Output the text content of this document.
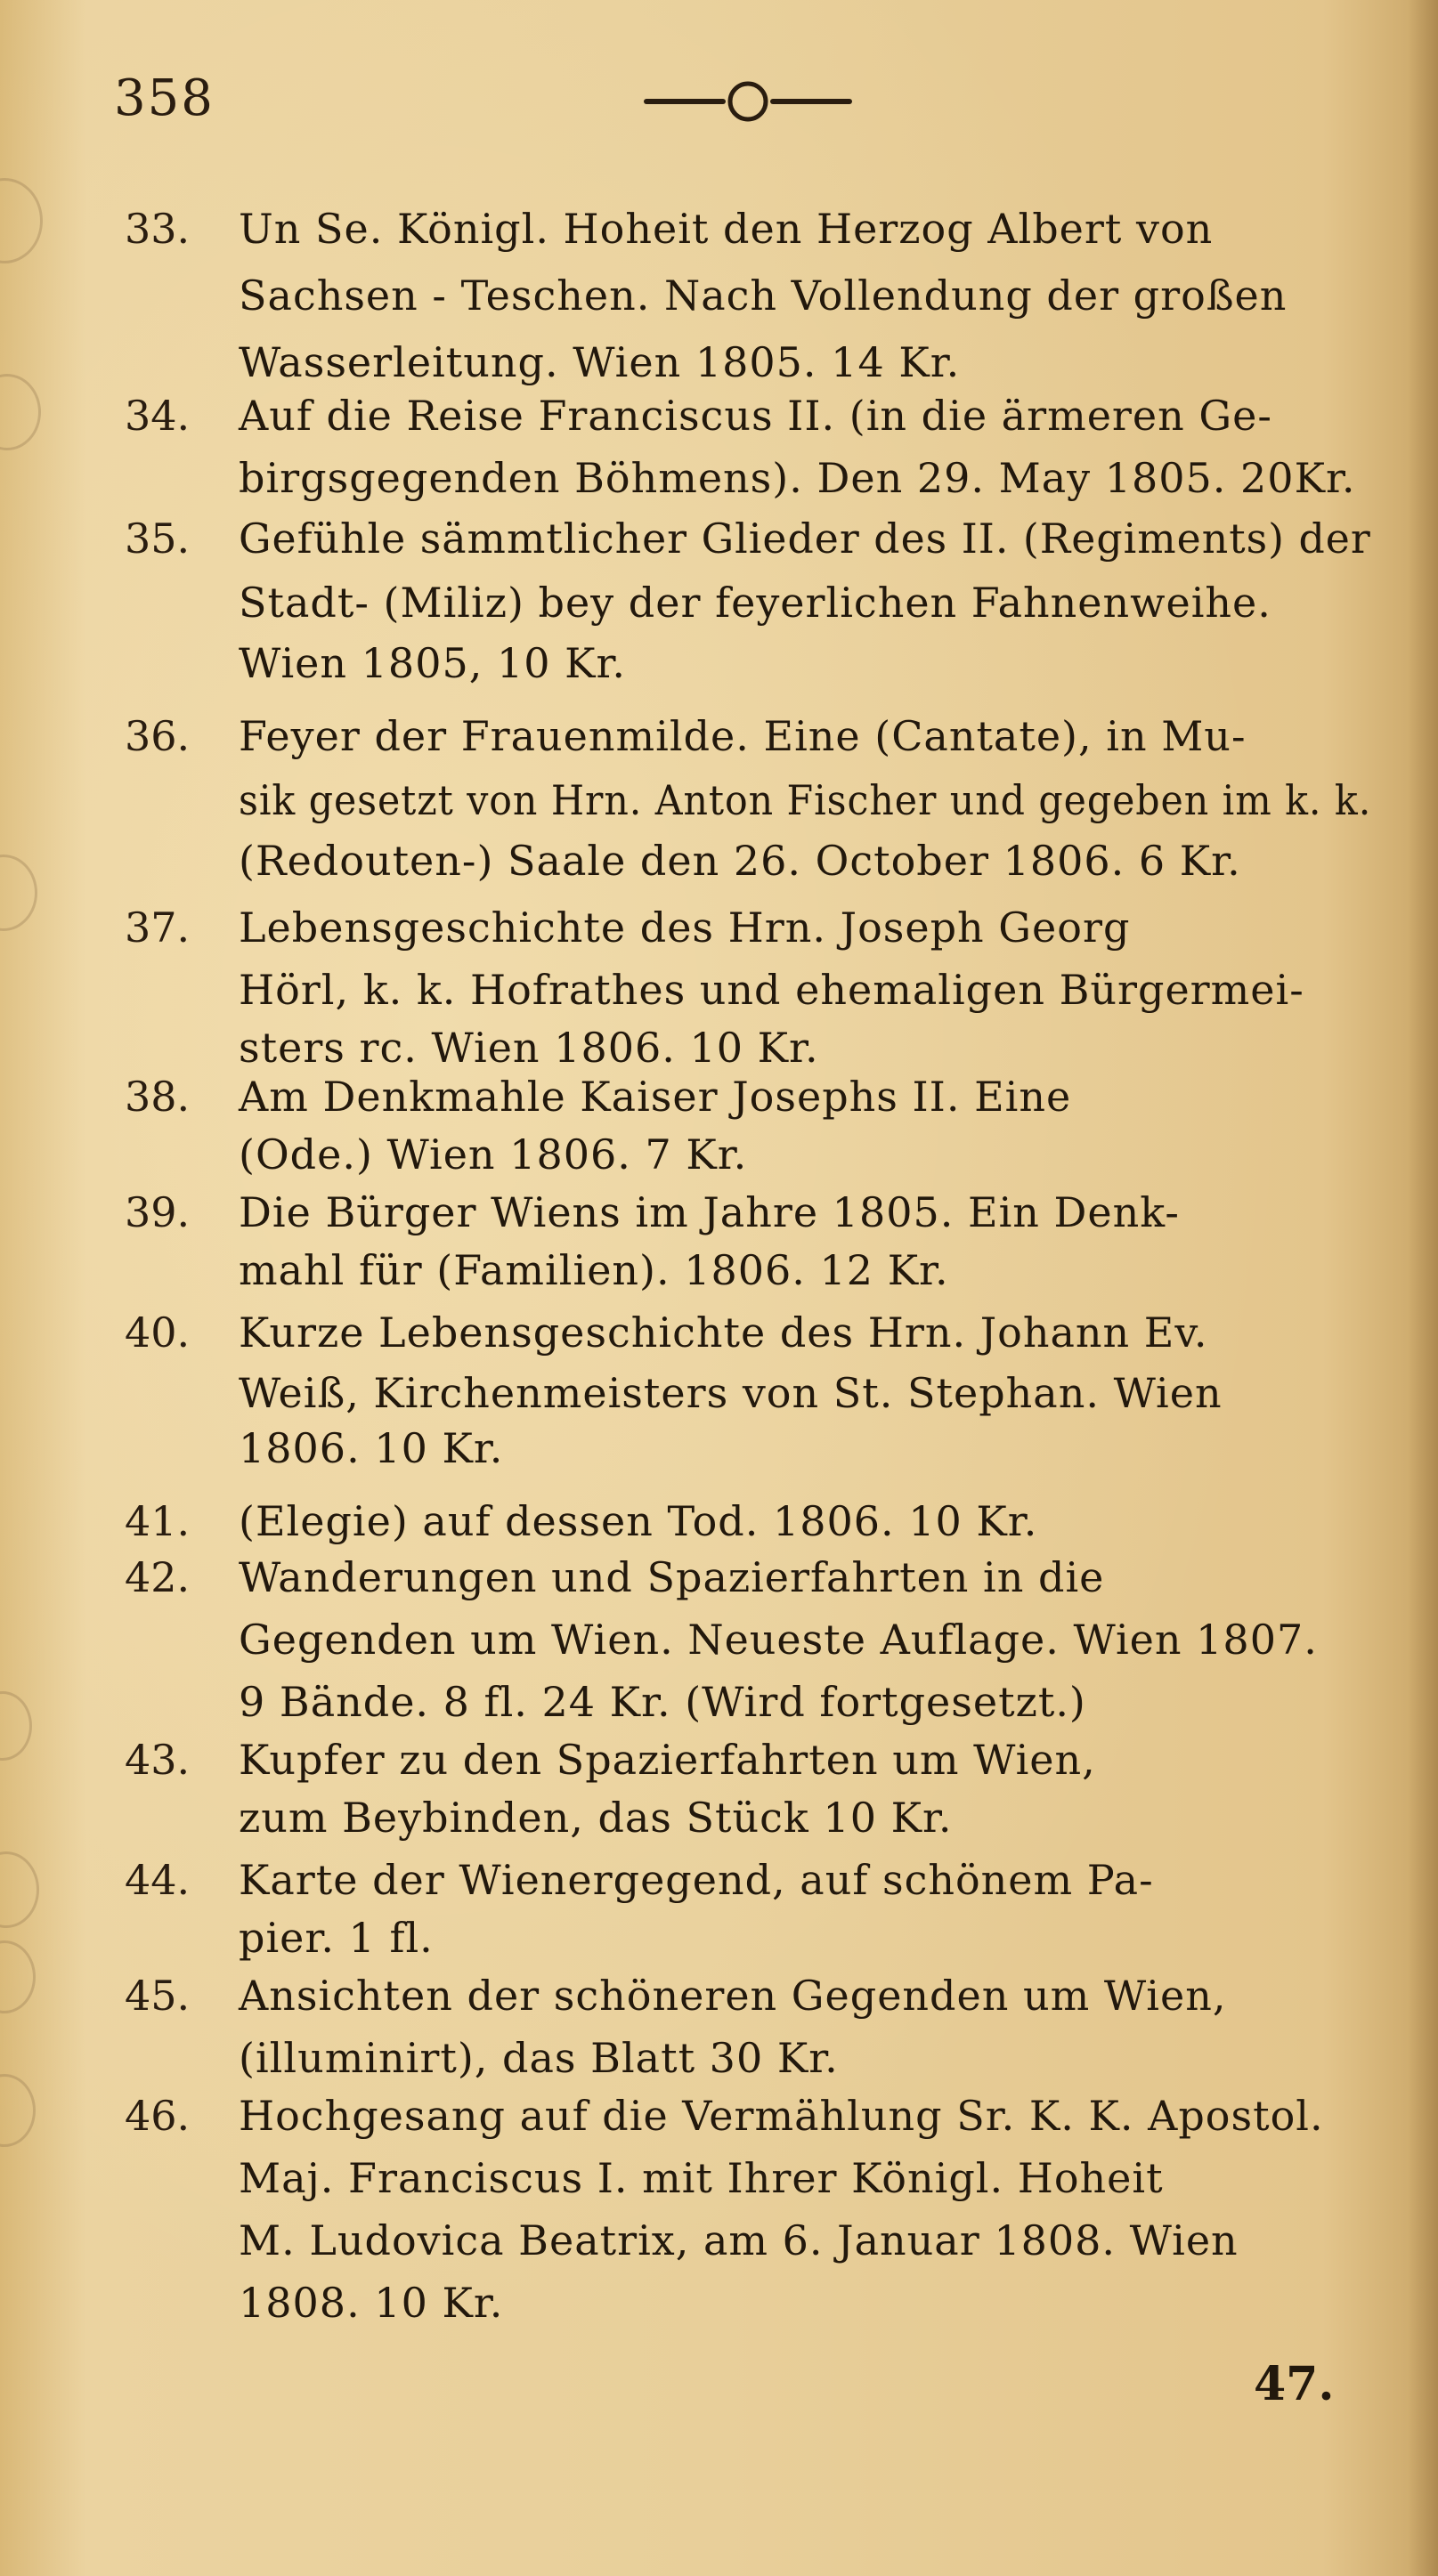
358
33. Un Se. Königl. Hoheit den Herzog Albert von
Sachsen - Teschen. Nach Vollendung der großen
Wasserleitung. Wien 1805. 14 Kr.
34. Auf die Reise Franciscus II. (in die ärmeren Ge-
birgsgegenden Böhmens). Den 29. May 1805. 20Kr.
35. Gefühle sämmtlicher Glieder des II. (Regiments) der
Stadt- (Miliz) bey der feyerlichen Fahnenweihe.
Wien 1805, 10 Kr.
36. Feyer der Frauenmilde. Eine (Cantate), in Mu-
sik gesetzt von Hrn. Anton Fischer und gegeben im k. k.
(Redouten-) Saale den 26. October 1806. 6 Kr.
37. Lebensgeschichte des Hrn. Joseph Georg
Hörl, k. k. Hofrathes und ehemaligen Bürgermei-
sters rc. Wien 1806. 10 Kr.
38. Am Denkmahle Kaiser Josephs II. Eine
(Ode.) Wien 1806. 7 Kr.
39. Die Bürger Wiens im Jahre 1805. Ein Denk-
mahl für (Familien). 1806. 12 Kr.
40. Kurze Lebensgeschichte des Hrn. Johann Ev.
Weiß, Kirchenmeisters von St. Stephan. Wien
1806. 10 Kr.
41. (Elegie) auf dessen Tod. 1806. 10 Kr.
42. Wanderungen und Spazierfahrten in die
Gegenden um Wien. Neueste Auflage. Wien 1807.
9 Bände. 8 fl. 24 Kr. (Wird fortgesetzt.)
43. Kupfer zu den Spazierfahrten um Wien,
zum Beybinden, das Stück 10 Kr.
44. Karte der Wienergegend, auf schönem Pa-
pier. 1 fl.
45. Ansichten der schöneren Gegenden um Wien,
(illuminirt), das Blatt 30 Kr.
46. Hochgesang auf die Vermählung Sr. K. K. Apostol.
Maj. Franciscus I. mit Ihrer Königl. Hoheit
M. Ludovica Beatrix, am 6. Januar 1808. Wien
1808. 10 Kr.
47.
